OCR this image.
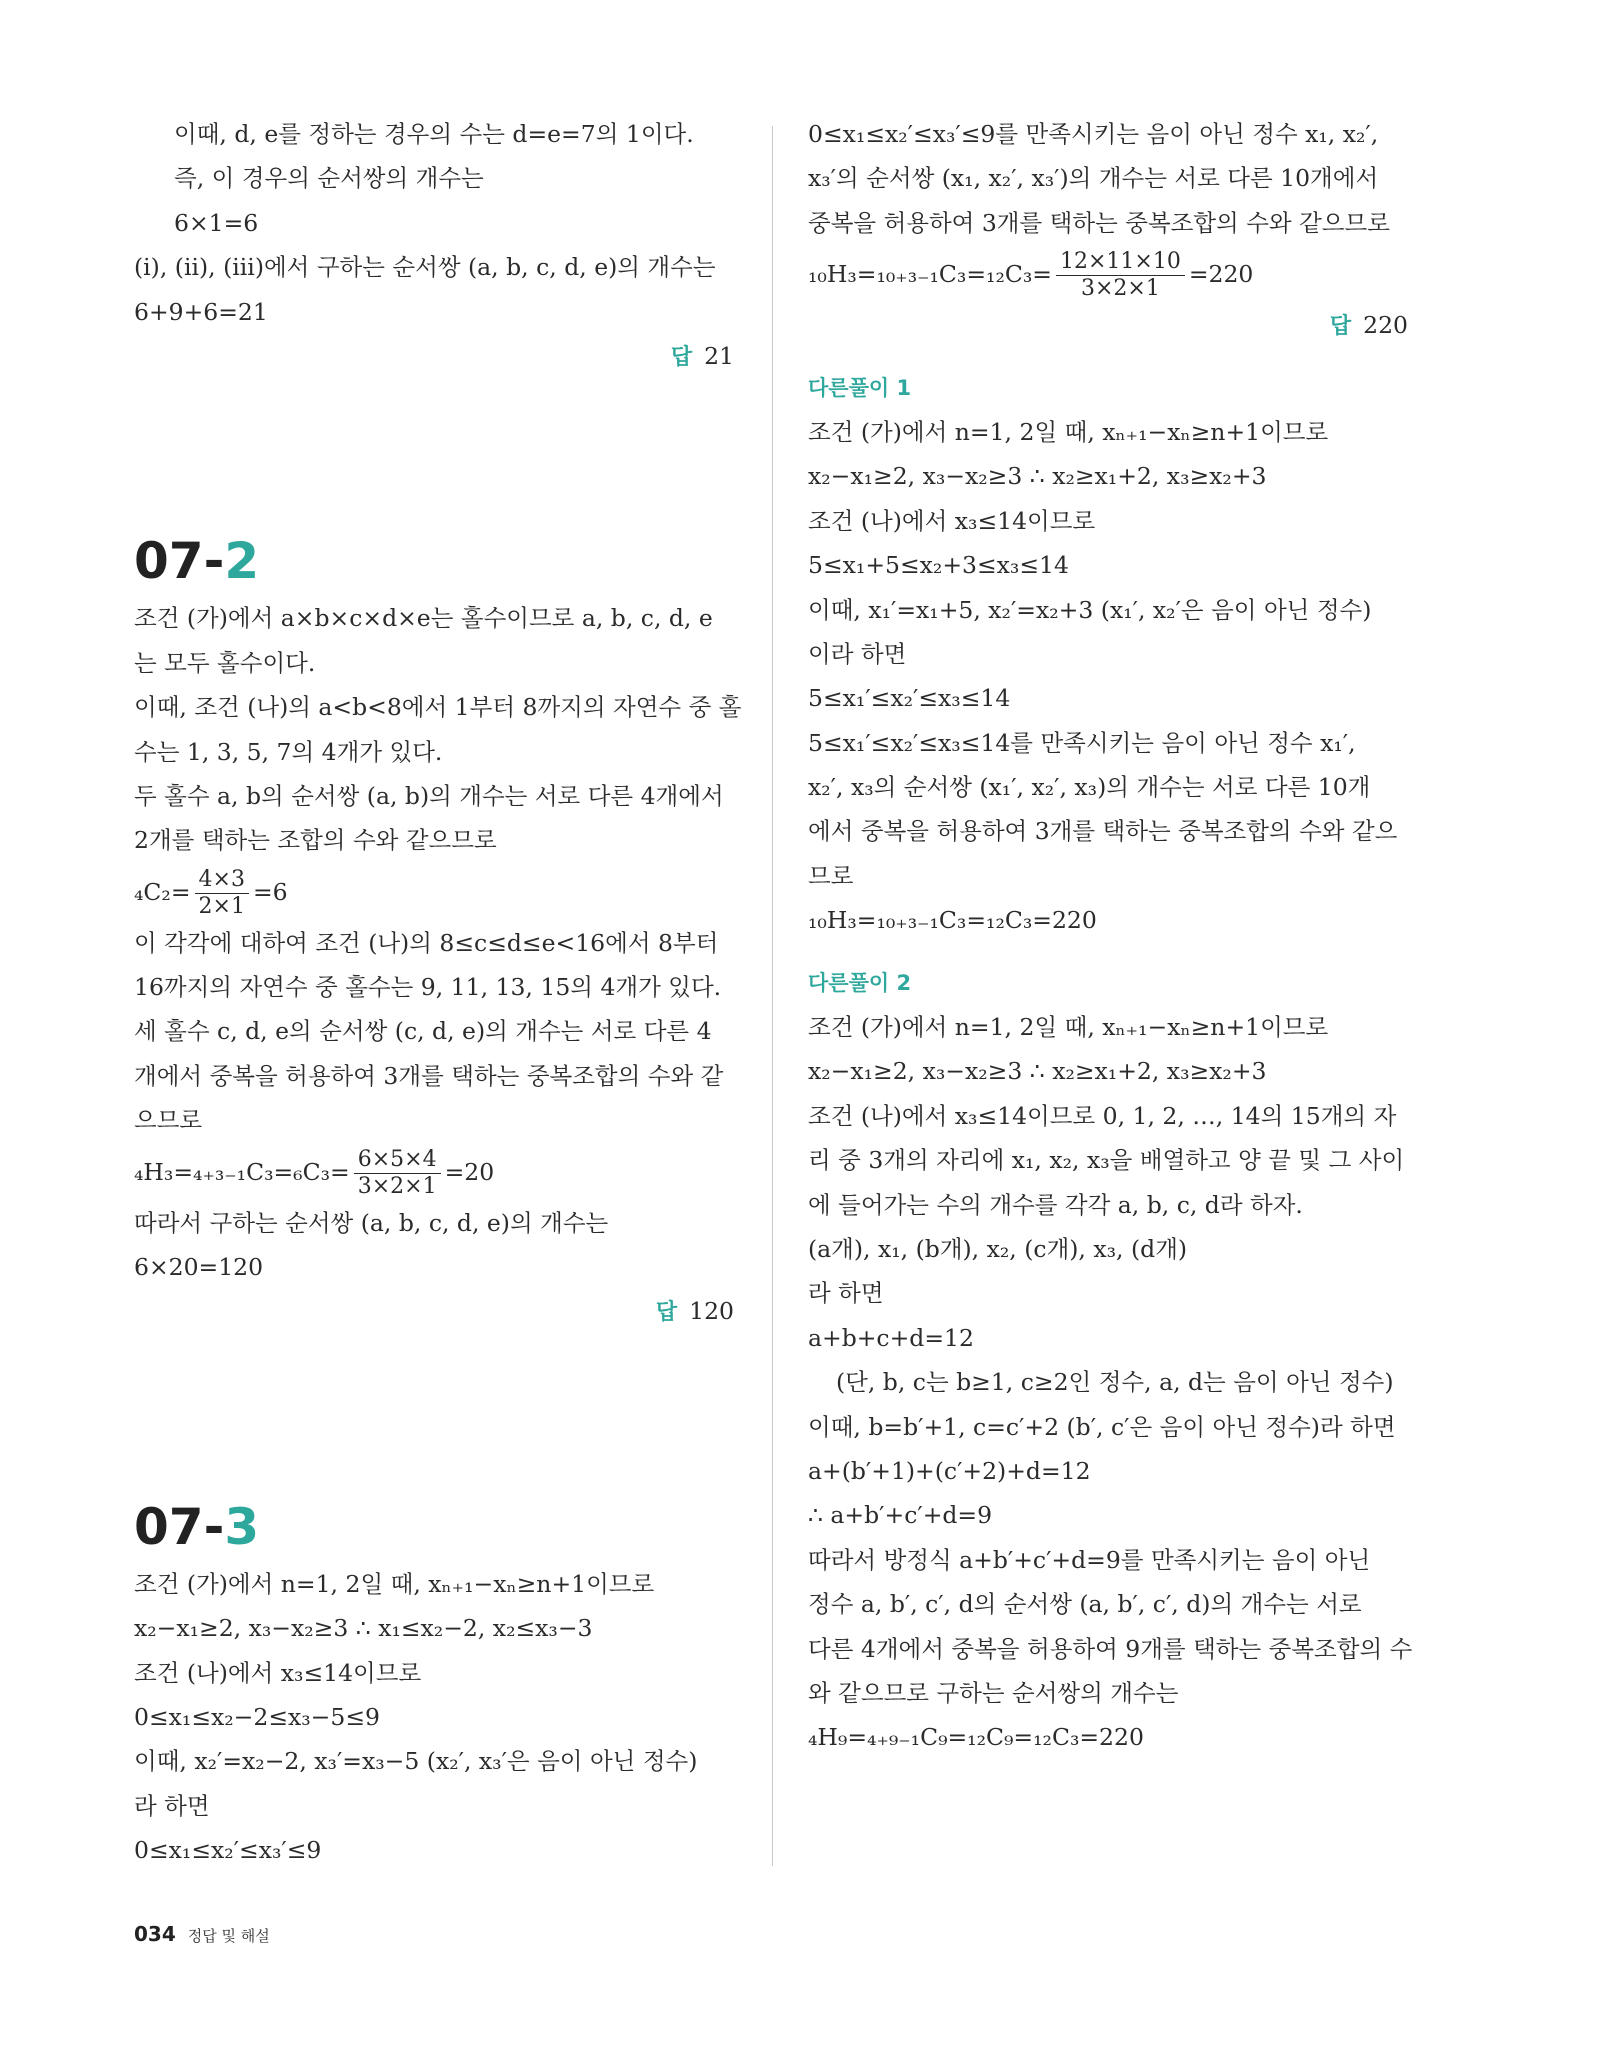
이때, d, e를 정하는 경우의 수는 d=e=7의 1이다.
즉, 이 경우의 순서쌍의 개수는
6×1=6
(i), (ii), (iii)에서 구하는 순서쌍 (a, b, c, d, e)의 개수는
6+9+6=21
답 21
07-2
조건 (가)에서 a×b×c×d×e는 홀수이므로 a, b, c, d, e
는 모두 홀수이다.
이때, 조건 (나)의 a<b<8에서 1부터 8까지의 자연수 중 홀
수는 1, 3, 5, 7의 4개가 있다.
두 홀수 a, b의 순서쌍 (a, b)의 개수는 서로 다른 4개에서
2개를 택하는 조합의 수와 같으므로
$_4C_2= \frac{4\times 3}{2\times 1} =6$
이 각각에 대하여 조건 (나)의 8≤c≤d≤e<16에서 8부터
16까지의 자연수 중 홀수는 9, 11, 13, 15의 4개가 있다.
세 홀수 c, d, e의 순서쌍 (c, d, e)의 개수는 서로 다른 4
개에서 중복을 허용하여 3개를 택하는 중복조합의 수와 같
으므로
$_4H_3=_{4+3-1}C_3=_6C_3= \frac{6\times 5\times 4}{3\times 2\times 1} =20$
따라서 구하는 순서쌍 (a, b, c, d, e)의 개수는
6×20=120
답 120
07-3
조건 (가)에서 n=1, 2일 때, xₙ₊₁−xₙ≥n+1이므로
x₂−x₁≥2, x₃−x₂≥3 ∴ x₁≤x₂−2, x₂≤x₃−3
조건 (나)에서 x₃≤14이므로
0≤x₁≤x₂−2≤x₃−5≤9
이때, x₂′=x₂−2, x₃′=x₃−5 (x₂′, x₃′은 음이 아닌 정수)
라 하면
0≤x₁≤x₂′≤x₃′≤9
0≤x₁≤x₂′≤x₃′≤9를 만족시키는 음이 아닌 정수 x₁, x₂′,
x₃′의 순서쌍 (x₁, x₂′, x₃′)의 개수는 서로 다른 10개에서
중복을 허용하여 3개를 택하는 중복조합의 수와 같으므로
$_{10}H_3=_{10+3-1}C_3=_{12}C_3= \frac{12\times 11\times 10}{3\times 2\times 1} =220$
답 220
다른풀이 1
조건 (가)에서 n=1, 2일 때, xₙ₊₁−xₙ≥n+1이므로
x₂−x₁≥2, x₃−x₂≥3 ∴ x₂≥x₁+2, x₃≥x₂+3
조건 (나)에서 x₃≤14이므로
5≤x₁+5≤x₂+3≤x₃≤14
이때, x₁′=x₁+5, x₂′=x₂+3 (x₁′, x₂′은 음이 아닌 정수)
이라 하면
5≤x₁′≤x₂′≤x₃≤14
5≤x₁′≤x₂′≤x₃≤14를 만족시키는 음이 아닌 정수 x₁′,
x₂′, x₃의 순서쌍 (x₁′, x₂′, x₃)의 개수는 서로 다른 10개
에서 중복을 허용하여 3개를 택하는 중복조합의 수와 같으
므로
₁₀H₃=₁₀₊₃₋₁C₃=₁₂C₃=220
다른풀이 2
조건 (가)에서 n=1, 2일 때, xₙ₊₁−xₙ≥n+1이므로
x₂−x₁≥2, x₃−x₂≥3 ∴ x₂≥x₁+2, x₃≥x₂+3
조건 (나)에서 x₃≤14이므로 0, 1, 2, …, 14의 15개의 자
리 중 3개의 자리에 x₁, x₂, x₃을 배열하고 양 끝 및 그 사이
에 들어가는 수의 개수를 각각 a, b, c, d라 하자.
(a개), x₁, (b개), x₂, (c개), x₃, (d개)
라 하면
a+b+c+d=12
(단, b, c는 b≥1, c≥2인 정수, a, d는 음이 아닌 정수)
이때, b=b′+1, c=c′+2 (b′, c′은 음이 아닌 정수)라 하면
a+(b′+1)+(c′+2)+d=12
∴ a+b′+c′+d=9
따라서 방정식 a+b′+c′+d=9를 만족시키는 음이 아닌
정수 a, b′, c′, d의 순서쌍 (a, b′, c′, d)의 개수는 서로
다른 4개에서 중복을 허용하여 9개를 택하는 중복조합의 수
와 같으므로 구하는 순서쌍의 개수는
₄H₉=₄₊₉₋₁C₉=₁₂C₉=₁₂C₃=220
034 정답 및 해설
